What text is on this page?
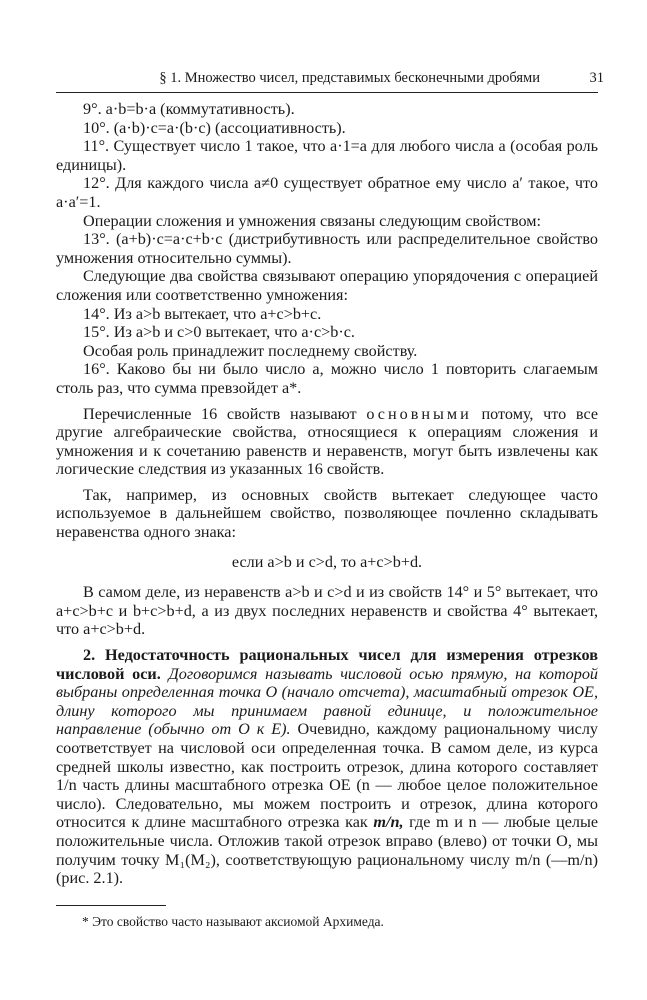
§ 1. Множество чисел, представимых бесконечными дробями	31

9°. a·b=b·a (коммутативность).

10°. (a·b)·c=a·(b·c) (ассоциативность).

11°. Существует число 1 такое, что a·1=a для любого числа a (особая роль единицы).

12°. Для каждого числа a≠0 существует обратное ему число a′ такое, что a·a′=1.

Операции сложения и умножения связаны следующим свойством:

13°. (a+b)·c=a·c+b·c (дистрибутивность или распределительное свойство умножения относительно суммы).

Следующие два свойства связывают операцию упорядочения с операцией сложения или соответственно умножения:

14°. Из a>b вытекает, что a+c>b+c.

15°. Из a>b и c>0 вытекает, что a·c>b·c.

Особая роль принадлежит последнему свойству.

16°. Каково бы ни было число a, можно число 1 повторить слагаемым столь раз, что сумма превзойдет a*.

Перечисленные 16 свойств называют основными потому, что все другие алгебраические свойства, относящиеся к операциям сложения и умножения и к сочетанию равенств и неравенств, могут быть извлечены как логические следствия из указанных 16 свойств.

Так, например, из основных свойств вытекает следующее часто используемое в дальнейшем свойство, позволяющее почленно складывать неравенства одного знака:

если a>b и c>d, то a+c>b+d.

В самом деле, из неравенств a>b и c>d и из свойств 14° и 5° вытекает, что a+c>b+c и b+c>b+d, а из двух последних неравенств и свойства 4° вытекает, что a+c>b+d.

2. Недостаточность рациональных чисел для измерения отрезков числовой оси. Договоримся называть числовой осью прямую, на которой выбраны определенная точка O (начало отсчета), масштабный отрезок OE, длину которого мы принимаем равной единице, и положительное направление (обычно от O к E). Очевидно, каждому рациональному числу соответствует на числовой оси определенная точка. В самом деле, из курса средней школы известно, как построить отрезок, длина которого составляет 1/n часть длины масштабного отрезка OE (n — любое целое положительное число). Следовательно, мы можем построить и отрезок, длина которого относится к длине масштабного отрезка как m/n, где m и n — любые целые положительные числа. Отложив такой отрезок вправо (влево) от точки O, мы получим точку M₁(M₂), соответствующую рациональному числу m/n (—m/n) (рис. 2.1).

* Это свойство часто называют аксиомой Архимеда.
